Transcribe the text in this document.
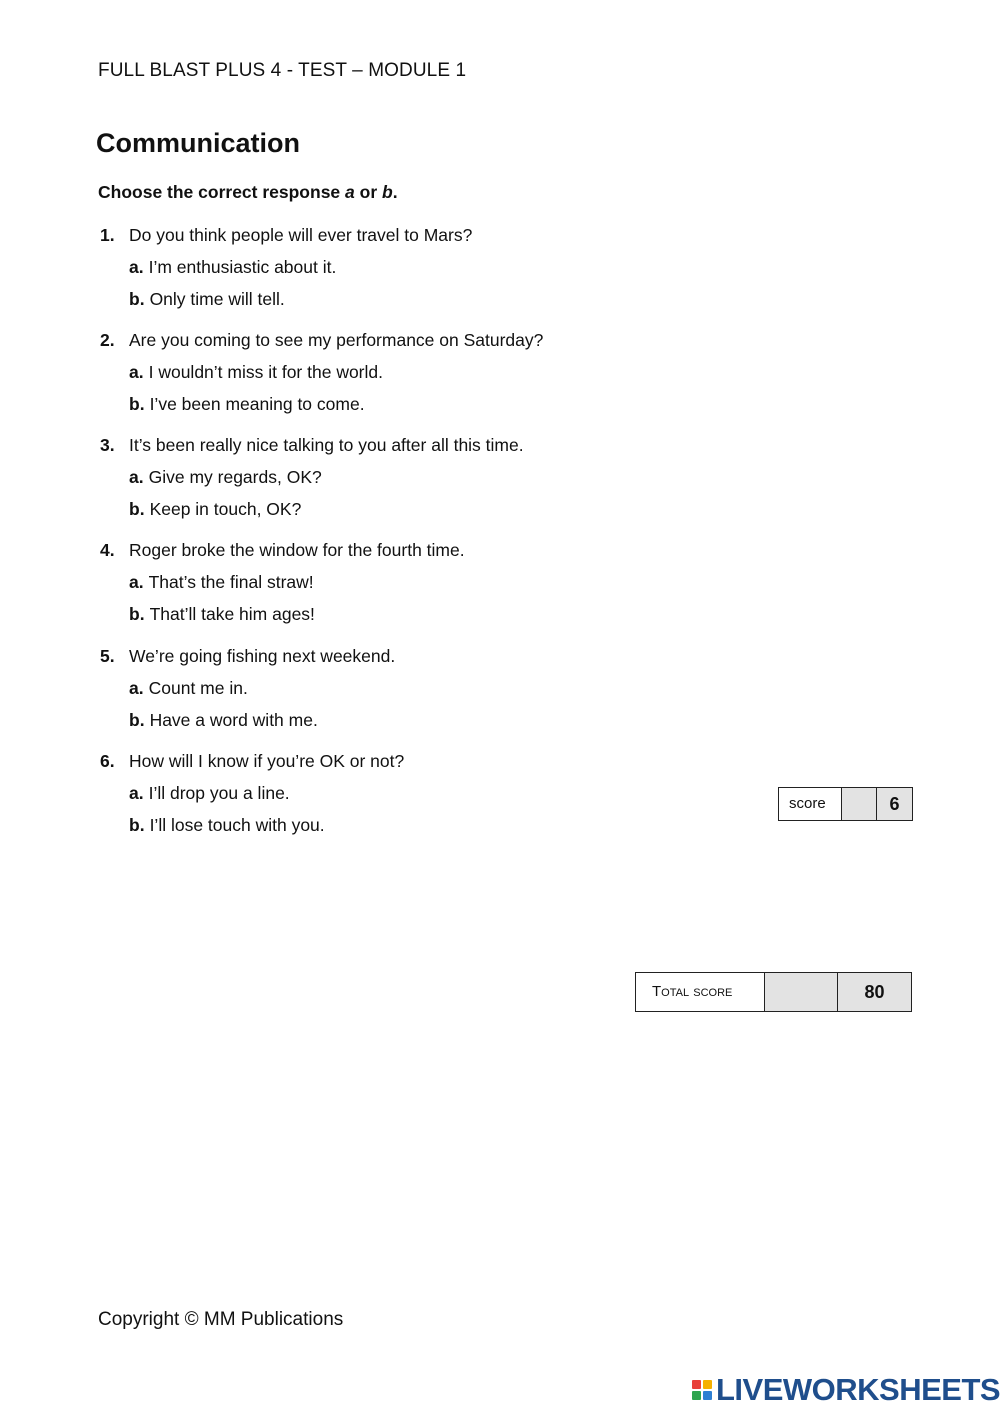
FULL BLAST PLUS 4 - TEST – MODULE 1
Communication
Choose the correct response a or b.
1. Do you think people will ever travel to Mars?
a. I’m enthusiastic about it.
b. Only time will tell.
2. Are you coming to see my performance on Saturday?
a. I wouldn’t miss it for the world.
b. I’ve been meaning to come.
3. It’s been really nice talking to you after all this time.
a. Give my regards, OK?
b. Keep in touch, OK?
4. Roger broke the window for the fourth time.
a. That’s the final straw!
b. That’ll take him ages!
5. We’re going fishing next weekend.
a. Count me in.
b. Have a word with me.
6. How will I know if you’re OK or not?
a. I’ll drop you a line.
b. I’ll lose touch with you.
score	6
Total score	80
Copyright © MM Publications
LIVEWORKSHEETS
